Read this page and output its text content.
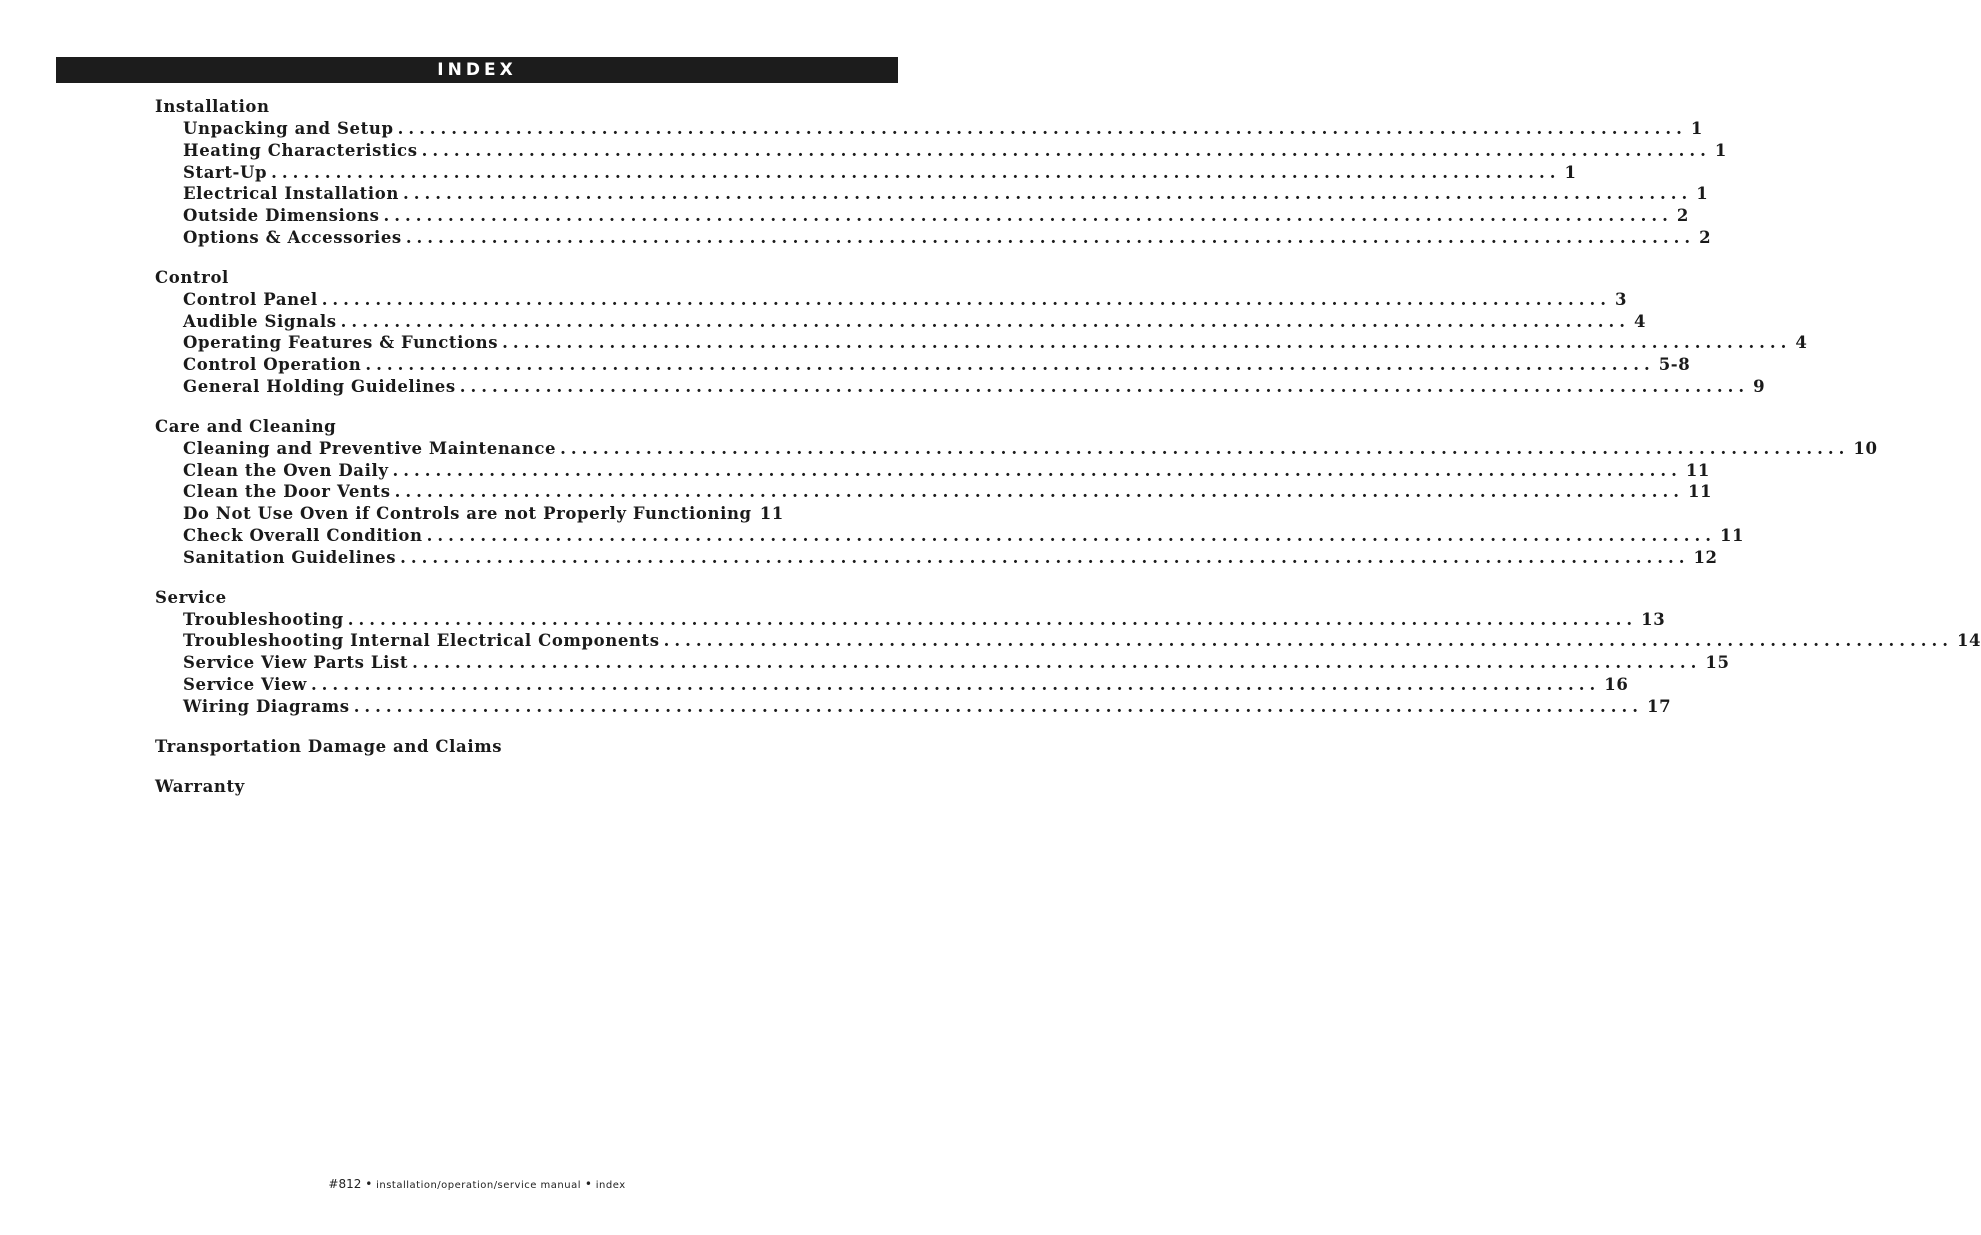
INDEX
Installation
Unpacking and Setup ........................................................................................................................ 1
Heating Characteristics ........................................................................................................................ 1
Start-Up ........................................................................................................................ 1
Electrical Installation ........................................................................................................................ 1
Outside Dimensions ........................................................................................................................ 2
Options & Accessories ........................................................................................................................ 2
Control
Control Panel ........................................................................................................................ 3
Audible Signals ........................................................................................................................ 4
Operating Features & Functions ........................................................................................................................ 4
Control Operation ........................................................................................................................ 5-8
General Holding Guidelines ........................................................................................................................ 9
Care and Cleaning
Cleaning and Preventive Maintenance ........................................................................................................................ 10
Clean the Oven Daily ........................................................................................................................ 11
Clean the Door Vents ........................................................................................................................ 11
Do Not Use Oven if Controls are not Properly Functioning 11
Check Overall Condition ........................................................................................................................ 11
Sanitation Guidelines ........................................................................................................................ 12
Service
Troubleshooting ........................................................................................................................ 13
Troubleshooting Internal Electrical Components ........................................................................................................................ 14
Service View Parts List ........................................................................................................................ 15
Service View ........................................................................................................................ 16
Wiring Diagrams ........................................................................................................................ 17
Transportation Damage and Claims
Warranty
#812 • installation/operation/service manual • index
